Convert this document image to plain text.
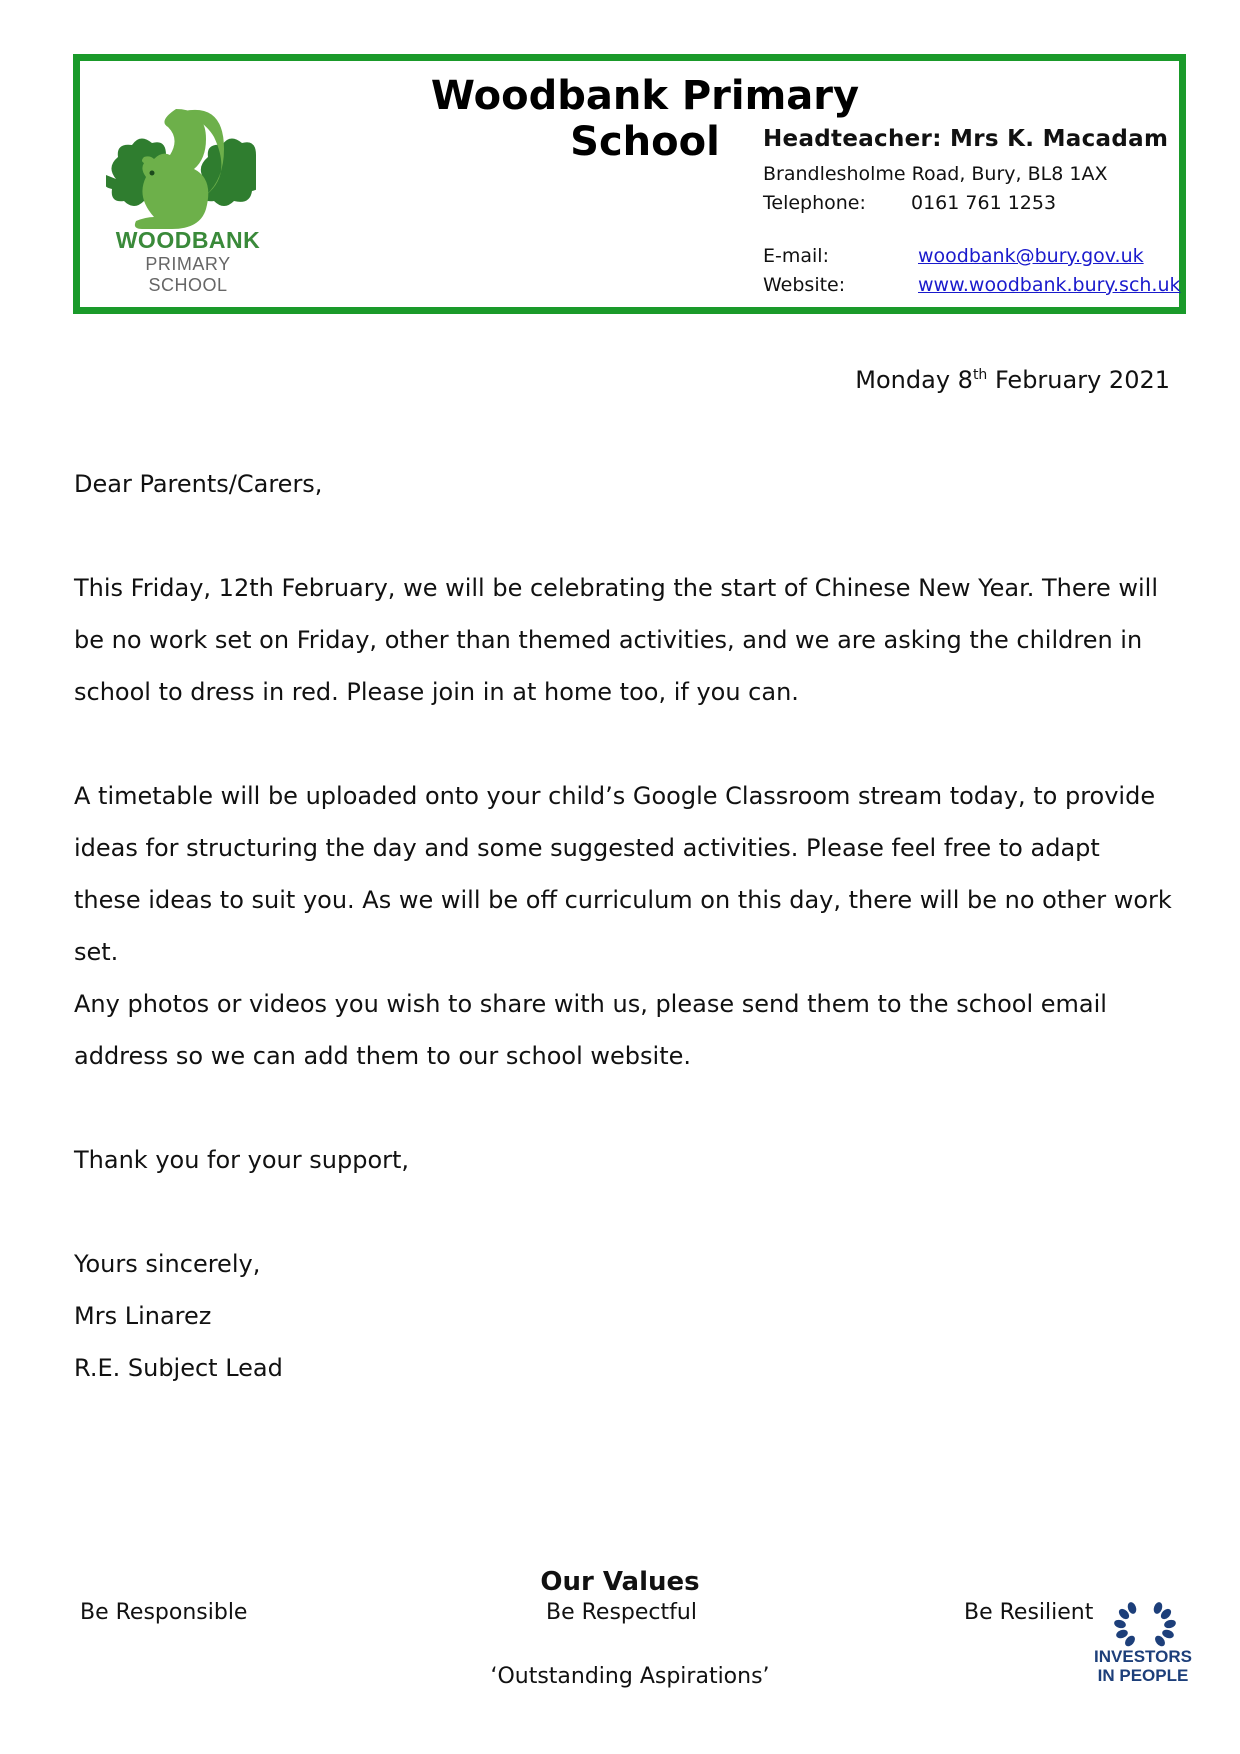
WOODBANK
PRIMARY SCHOOL
Woodbank Primary School	Headteacher: Mrs K. Macadam
Brandlesholme Road, Bury, BL8 1AX
Telephone: 0161 761 1253
E-mail:	woodbank@bury.gov.uk
Website:	www.woodbank.bury.sch.uk
Monday 8th February 2021
Dear Parents/Carers,
This Friday, 12th February, we will be celebrating the start of Chinese New Year. There will be no work set on Friday, other than themed activities, and we are asking the children in school to dress in red. Please join in at home too, if you can.
A timetable will be uploaded onto your child’s Google Classroom stream today, to provide ideas for structuring the day and some suggested activities. Please feel free to adapt these ideas to suit you. As we will be off curriculum on this day, there will be no other work set.
Any photos or videos you wish to share with us, please send them to the school email address so we can add them to our school website.
Thank you for your support,
Yours sincerely,
Mrs Linarez
R.E. Subject Lead
Our Values
Be Responsible	Be Respectful	Be Resilient
‘Outstanding Aspirations’
INVESTORS
IN PEOPLE
